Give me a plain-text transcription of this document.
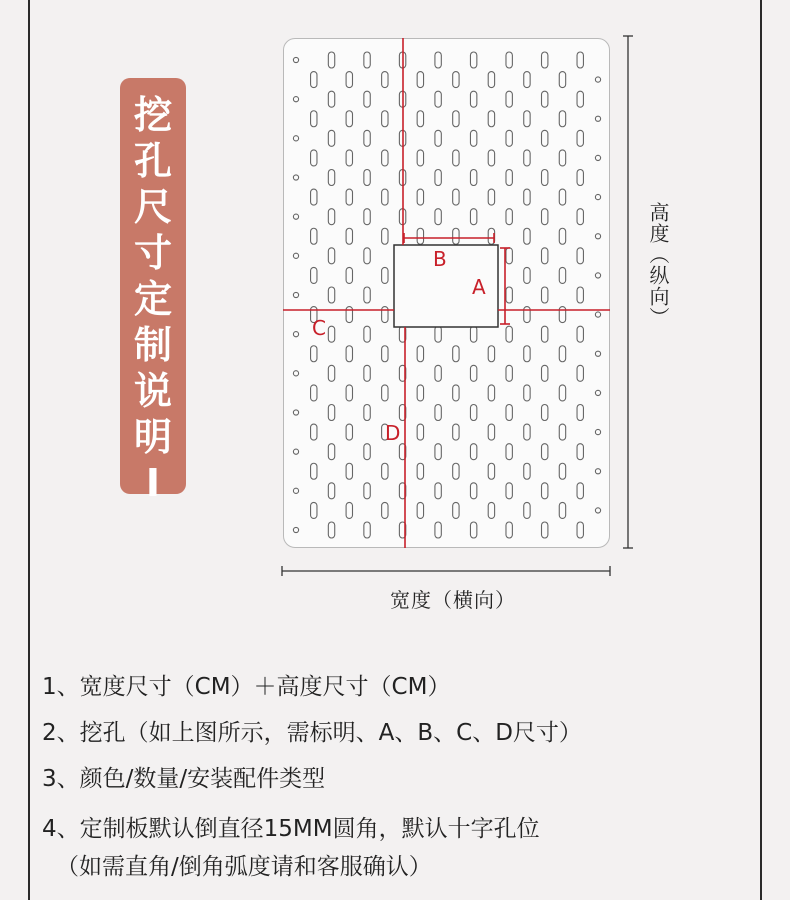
挖
孔
尺
寸
定
制
说
明
I
B
A
C
D
高度（纵向）
宽度（横向）
1、宽度尺寸（CM）＋高度尺寸（CM）
2、挖孔（如上图所示，需标明、A、B、C、D尺寸）
3、颜色/数量/安装配件类型
4、定制板默认倒直径15MM圆角，默认十字孔位
（如需直角/倒角弧度请和客服确认）
